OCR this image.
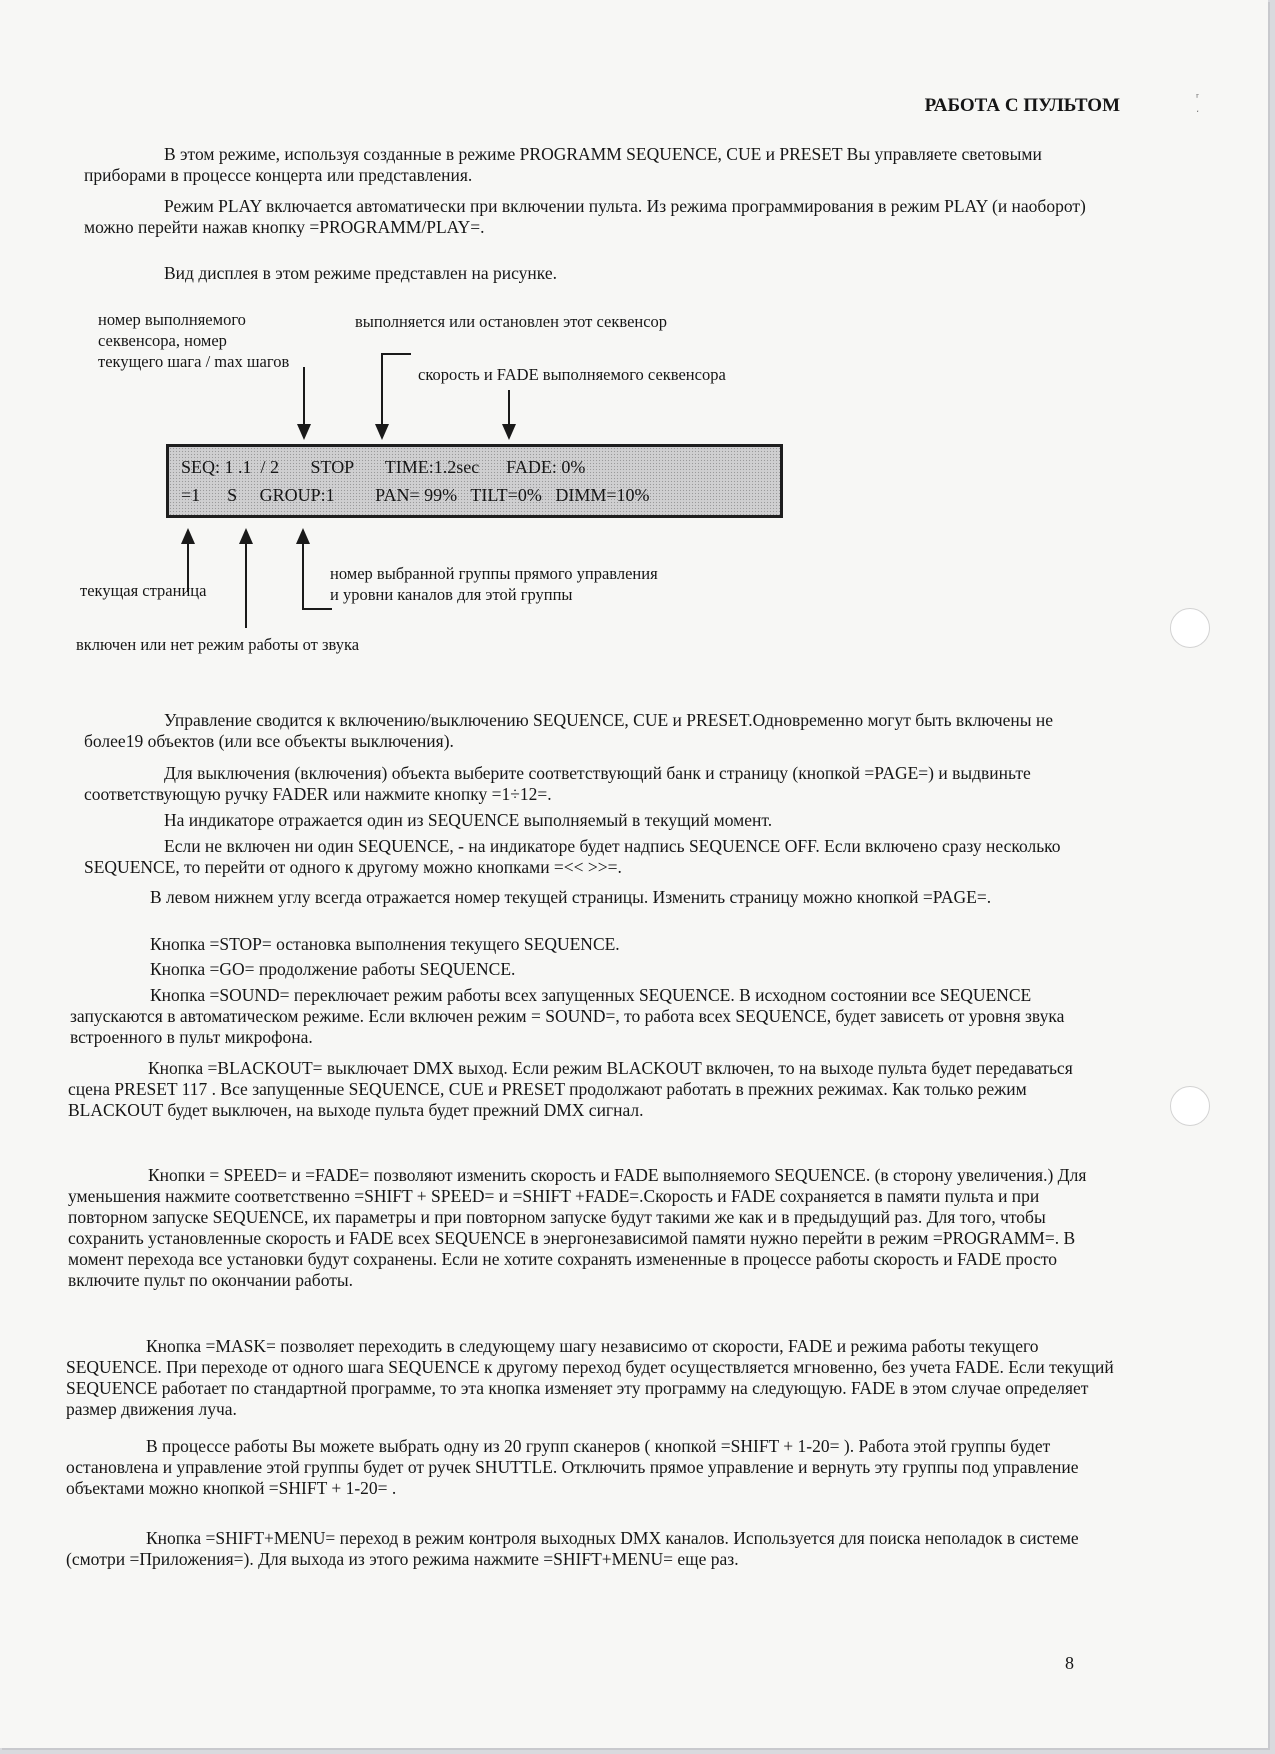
ʳ
ˑ
РАБОТА С ПУЛЬТОМ

В этом режиме, используя созданные в режиме PROGRAMM SEQUENCE, CUE и PRESET Вы управляете световыми приборами в процессе концерта или представления.

Режим PLAY включается автоматически при включении пульта. Из режима программирования в режим PLAY (и наоборот) можно перейти нажав кнопку =PROGRAMM/PLAY=.

Вид дисплея в этом режиме представлен на рисунке.

номер выполняемого
секвенсора, номер
текущего шага / max шагов
выполняется или остановлен этот секвенсор
скорость и FADE выполняемого секвенсора
SEQ: 1 .1  / 2       STOP       TIME:1.2sec      FADE: 0%
=1      S     GROUP:1         PAN= 99%   TILT=0%   DIMM=10%
текущая страница
номер выбранной группы прямого управления
и уровни каналов для этой группы
включен или нет режим работы от звука

Управление сводится к включению/выключению SEQUENCE, CUE и PRESET.Одновременно могут быть включены не более19 объектов (или все объекты выключения).

Для выключения (включения) объекта выберите соответствующий банк и страницу (кнопкой =PAGE=) и выдвиньте соответствующую ручку FADER или нажмите кнопку =1÷12=.

На индикаторе отражается один из SEQUENCE выполняемый в текущий момент.

Если не включен ни один SEQUENCE, - на индикаторе будет надпись SEQUENCE OFF. Если включено сразу несколько SEQUENCE, то перейти от одного к другому можно кнопками =<< >>=.

В левом нижнем углу всегда отражается номер текущей страницы. Изменить страницу можно кнопкой =PAGE=.

Кнопка =STOP= остановка выполнения текущего SEQUENCE.

Кнопка =GO= продолжение работы SEQUENCE.

Кнопка =SOUND= переключает режим работы всех запущенных SEQUENCE. В исходном состоянии все SEQUENCE запускаются в автоматическом режиме. Если включен режим = SOUND=, то работа всех SEQUENCE, будет зависеть от уровня звука встроенного в пульт микрофона.

Кнопка =BLACKOUT= выключает DMX выход. Если режим BLACKOUT включен, то на выходе пульта будет передаваться сцена PRESET 117 . Все запущенные SEQUENCE, CUE и PRESET продолжают работать в прежних режимах. Как только режим BLACKOUT будет выключен, на выходе пульта будет прежний DMX сигнал.

Кнопки = SPEED= и =FADE= позволяют изменить скорость и FADE выполняемого SEQUENCE. (в сторону увеличения.) Для уменьшения нажмите соответственно =SHIFT + SPEED= и =SHIFT +FADE=.Скорость и FADE сохраняется в памяти пульта и при повторном запуске SEQUENCE, их параметры и при повторном запуске будут такими же как и в предыдущий раз. Для того, чтобы сохранить установленные скорость и FADE всех SEQUENCE в энергонезависимой памяти нужно перейти в режим =PROGRAMM=. В момент перехода все установки будут сохранены. Если не хотите сохранять измененные в процессе работы скорость и FADE просто включите пульт по окончании работы.

Кнопка =MASK= позволяет переходить в следующему шагу независимо от скорости, FADE и режима работы текущего SEQUENCE. При переходе от одного шага SEQUENCE к другому переход будет осуществляется мгновенно, без учета FADE. Если текущий SEQUENCE работает по стандартной программе, то эта кнопка изменяет эту программу на следующую. FADE в этом случае определяет размер движения луча.

В процессе работы Вы можете выбрать одну из 20 групп сканеров ( кнопкой =SHIFT + 1-20= ). Работа этой группы будет остановлена и управление этой группы будет от ручек SHUTTLE. Отключить прямое управление и вернуть эту группы под управление объектами можно кнопкой =SHIFT + 1-20= .

Кнопка =SHIFT+MENU= переход в режим контроля выходных DMX каналов. Используется для поиска неполадок в системе (смотри =Приложения=). Для выхода из этого режима нажмите =SHIFT+MENU= еще раз.

8
